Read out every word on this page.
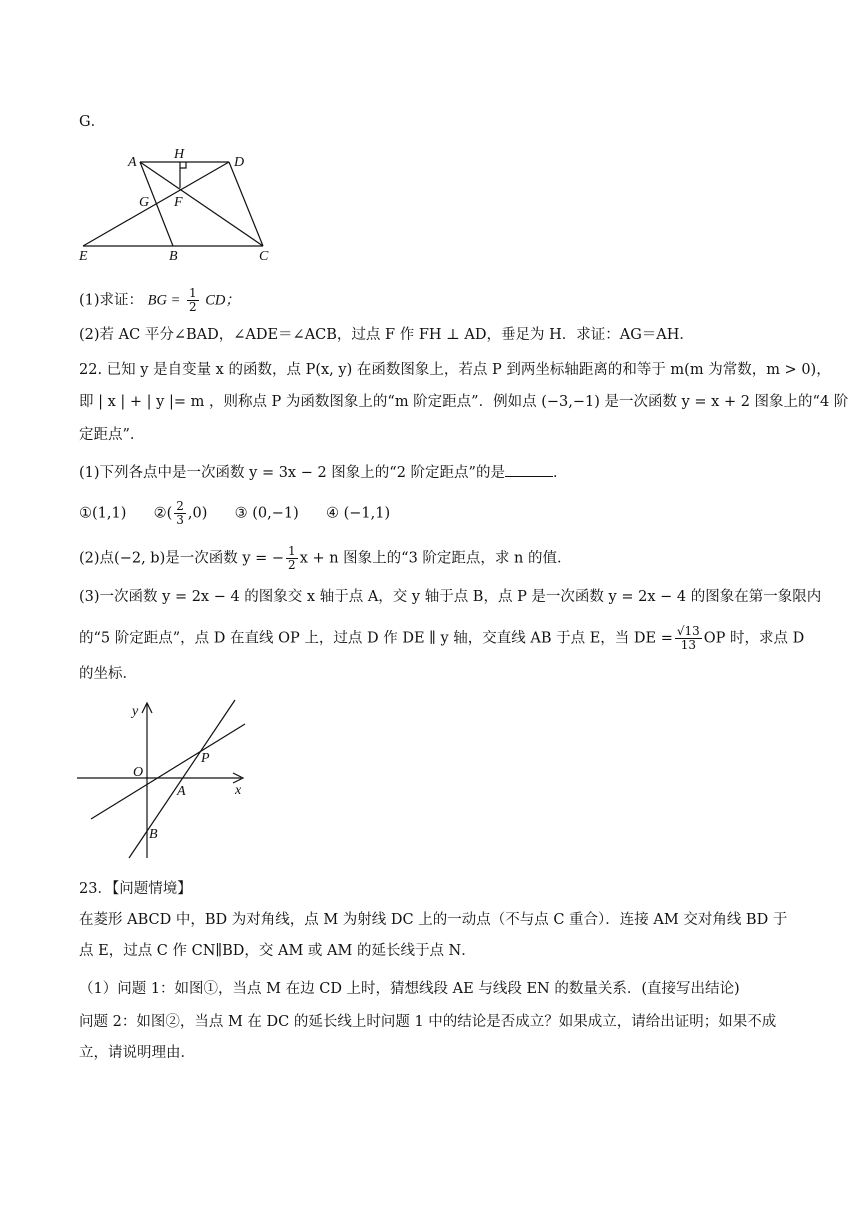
G．
A
H
D
G F
E	B	C
(1)求证： BG = $\frac{1}{2}$ CD；
(2)若 AC 平分∠BAD，∠ADE＝∠ACB，过点 F 作 FH ⊥ AD，垂足为 H．求证：AG＝AH．
22. 已知 y 是自变量 x 的函数，点 P(x, y) 在函数图象上，若点 P 到两坐标轴距离的和等于 m(m 为常数，m > 0)，
即 | x | + | y |= m ，则称点 P 为函数图象上的“m 阶定距点”．例如点 (−3,−1) 是一次函数 y = x + 2 图象上的“4 阶
定距点”．
(1)下列各点中是一次函数 y = 3x − 2 图象上的“2 阶定距点”的是	．
①(1,1) ②( $\frac{2}{3} ,0$) ③ (0,−1) ④ (−1,1)
(2)点(−2, b)是一次函数 y = − $\frac{1}{2}$ x + n 图象上的“3 阶定距点，求 n 的值．
(3)一次函数 y = 2x − 4 的图象交 x 轴于点 A，交 y 轴于点 B，点 P 是一次函数 y = 2x − 4 的图象在第一象限内
的“5 阶定距点”，点 D 在直线 OP 上，过点 D 作 DE ∥ y 轴，交直线 AB 于点 E，当 DE = $\frac{√13}{13}$ OP 时，求点 D
的坐标．
y
O
P
A	x
B
23．【问题情境】
在菱形 ABCD 中，BD 为对角线，点 M 为射线 DC 上的一动点（不与点 C 重合）．连接 AM 交对角线 BD 于
点 E，过点 C 作 CN∥BD，交 AM 或 AM 的延长线于点 N．
（1）问题 1：如图①，当点 M 在边 CD 上时，猜想线段 AE 与线段 EN 的数量关系．(直接写出结论)
问题 2：如图②，当点 M 在 DC 的延长线上时问题 1 中的结论是否成立？如果成立，请给出证明；如果不成
立，请说明理由．
